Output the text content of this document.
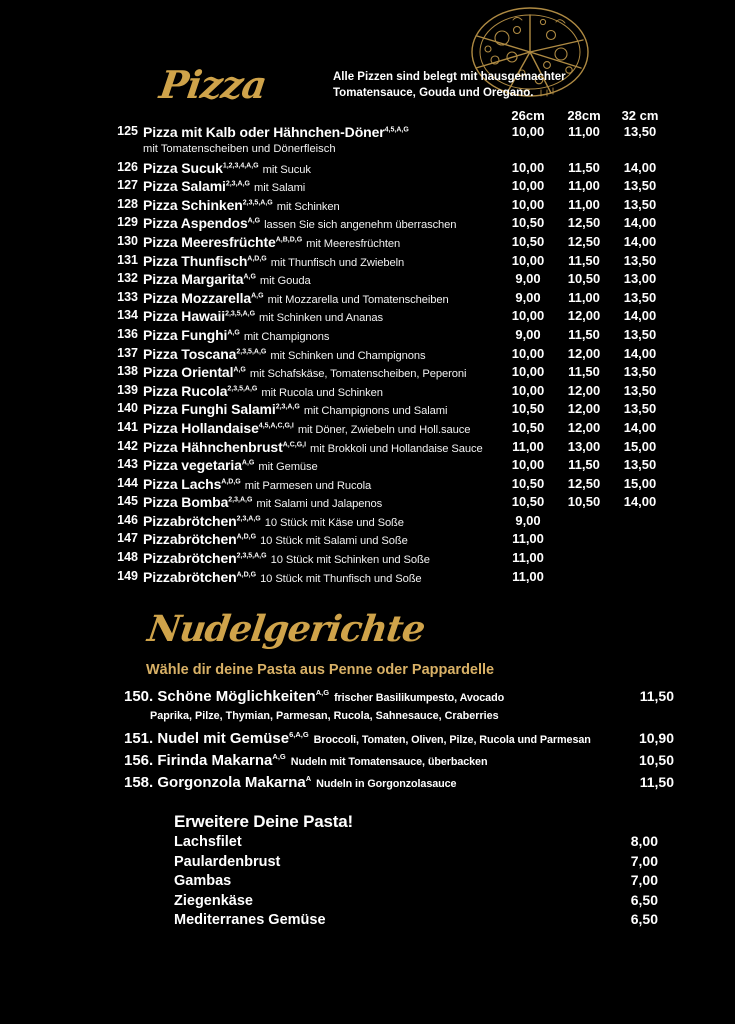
Pizza	Alle Pizzen sind belegt mit hausgemachter Tomatensauce, Gouda und Oregano.
26cm	28cm	32 cm
125 Pizza mit Kalb oder Hähnchen-Döner$^{4,5,A,G}$	10,00	11,00	13,50
mit Tomatenscheiben und Dönerfleisch
126 Pizza Sucuk$^{1,2,3,4,A,G}$ mit Sucuk	10,00	11,50	14,00
127 Pizza Salami$^{2,3,A,G}$ mit Salami	10,00	11,00	13,50
128 Pizza Schinken$^{2,3,5,A,G}$ mit Schinken	10,00	11,00	13,50
129 Pizza Aspendos$^{A,G}$ lassen Sie sich angenehm überraschen	10,50	12,50	14,00
130 Pizza Meeresfrüchte$^{A,B,D,G}$ mit Meeresfrüchten	10,50	12,50	14,00
131 Pizza Thunfisch$^{A,D,G}$ mit Thunfisch und Zwiebeln	10,00	11,50	13,50
132 Pizza Margarita$^{A,G}$ mit Gouda	9,00	10,50	13,00
133 Pizza Mozzarella$^{A,G}$ mit Mozzarella und Tomatenscheiben	9,00	11,00	13,50
134 Pizza Hawaii$^{2,3,5,A,G}$ mit Schinken und Ananas	10,00	12,00	14,00
136 Pizza Funghi$^{A,G}$ mit Champignons	9,00	11,50	13,50
137 Pizza Toscana$^{2,3,5,A,G}$ mit Schinken und Champignons	10,00	12,00	14,00
138 Pizza Oriental$^{A,G}$ mit Schafskäse, Tomatenscheiben, Peperoni	10,00	11,50	13,50
139 Pizza Rucola$^{2,3,5,A,G}$ mit Rucola und Schinken	10,00	12,00	13,50
140 Pizza Funghi Salami$^{2,3,A,G}$ mit Champignons und Salami	10,50	12,00	13,50
141 Pizza Hollandaise$^{4,5,A,C,G,I}$ mit Döner, Zwiebeln und Holl.sauce	10,50	12,00	14,00
142 Pizza Hähnchenbrust$^{A,C,G,I}$ mit Brokkoli und Hollandaise Sauce	11,00	13,00	15,00
143 Pizza vegetaria$^{A,G}$ mit Gemüse	10,00	11,50	13,50
144 Pizza Lachs$^{A,D,G}$ mit Parmesen und Rucola	10,50	12,50	15,00
145 Pizza Bomba$^{2,3,A,G}$ mit Salami und Jalapenos	10,50	10,50	14,00
146 Pizzabrötchen$^{2,3,A,G}$ 10 Stück mit Käse und Soße	9,00
147 Pizzabrötchen$^{A,D,G}$ 10 Stück mit Salami und Soße	11,00
148 Pizzabrötchen$^{2,3,5,A,G}$ 10 Stück mit Schinken und Soße	11,00
149 Pizzabrötchen$^{A,D,G}$ 10 Stück mit Thunfisch und Soße	11,00
Nudelgerichte
Wähle dir deine Pasta aus Penne oder Pappardelle
150. Schöne Möglichkeiten$^{A,G}$ frischer Basilikumpesto, Avocado	11,50
Paprika, Pilze, Thymian, Parmesan, Rucola, Sahnesauce, Craberries
151. Nudel mit Gemüse$^{6,A,G}$ Broccoli, Tomaten, Oliven, Pilze, Rucola und Parmesan	10,90
156. Firinda Makarna$^{A,G}$ Nudeln mit Tomatensauce, überbacken	10,50
158. Gorgonzola Makarna$^A$ Nudeln in Gorgonzolasauce	11,50
Erweitere Deine Pasta!
Lachsfilet	8,00
Paulardenbrust	7,00
Gambas	7,00
Ziegenkäse	6,50
Mediterranes Gemüse	6,50
